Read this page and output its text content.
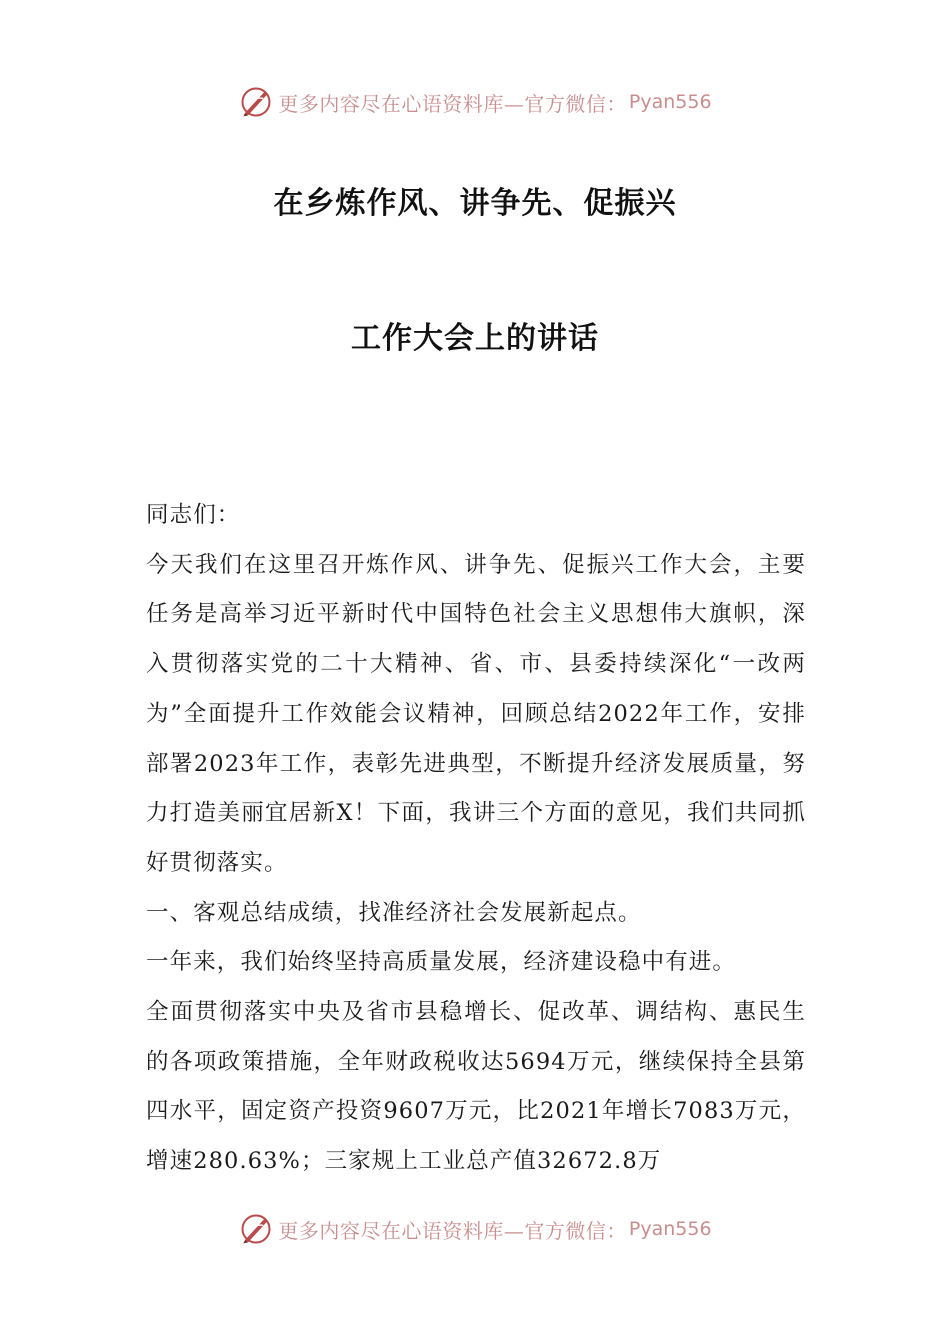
更多内容尽在心语资料库—官方微信： Pyan556
在乡炼作风、讲争先、促振兴
工作大会上的讲话

同志们：

今天我们在这里召开炼作风、讲争先、促振兴工作大会，主要任务是高举习近平新时代中国特色社会主义思想伟大旗帜，深入贯彻落实党的二十大精神、省、市、县委持续深化“一改两为”全面提升工作效能会议精神，回顾总结2022年工作，安排部署2023年工作，表彰先进典型，不断提升经济发展质量，努力打造美丽宜居新X！下面，我讲三个方面的意见，我们共同抓好贯彻落实。

一、客观总结成绩，找准经济社会发展新起点。

一年来，我们始终坚持高质量发展，经济建设稳中有进。

全面贯彻落实中央及省市县稳增长、促改革、调结构、惠民生的各项政策措施，全年财政税收达5694万元，继续保持全县第四水平，固定资产投资9607万元，比2021年增长7083万元，增速280.63%；三家规上工业总产值32672.8万

更多内容尽在心语资料库—官方微信： Pyan556
